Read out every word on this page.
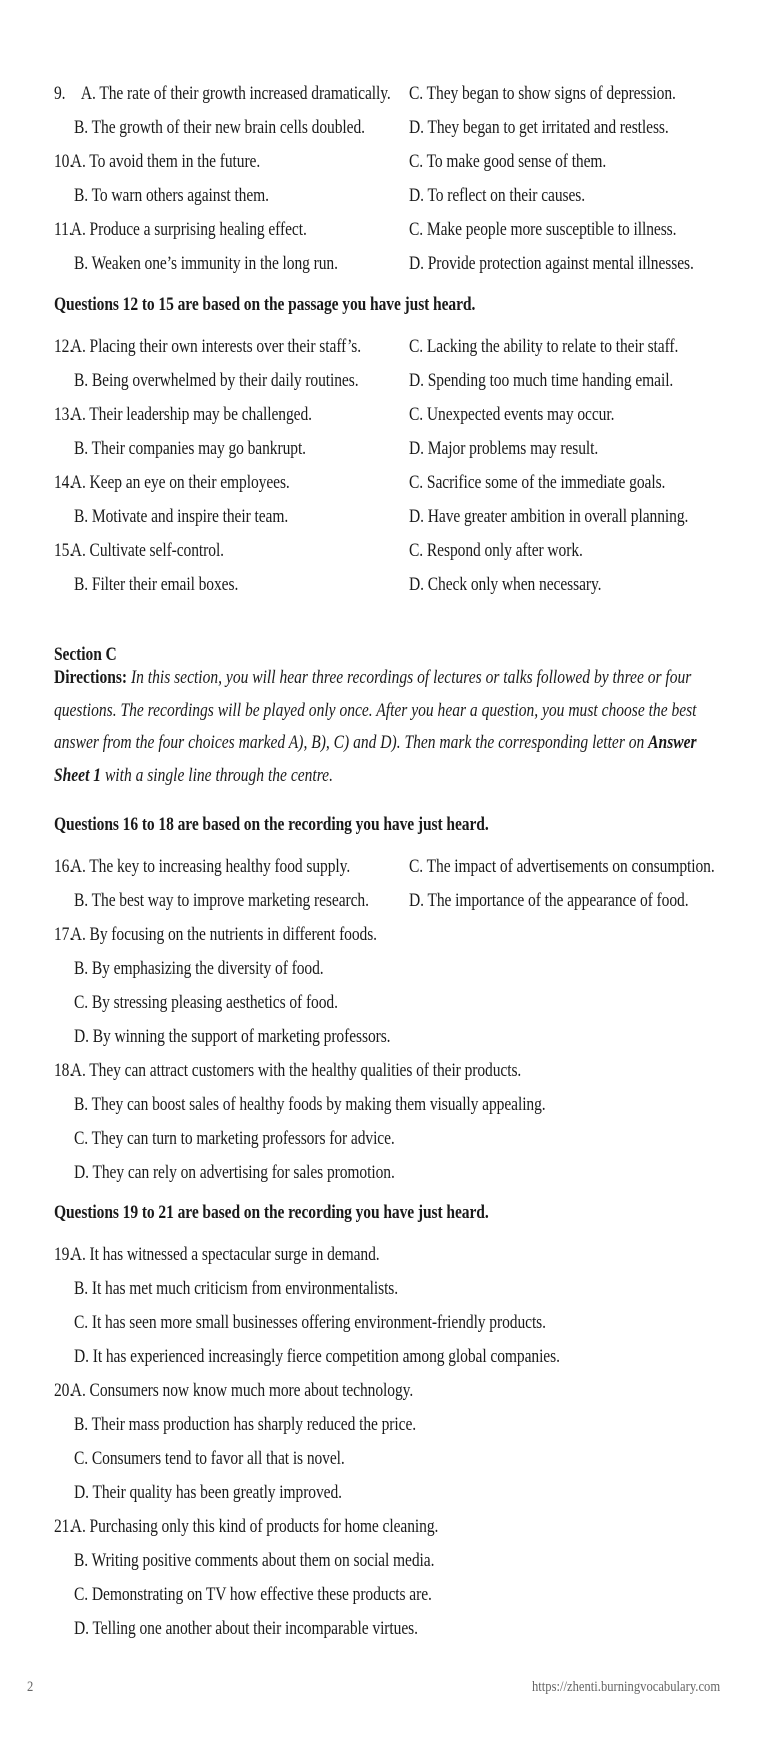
9. A. The rate of their growth increased dramatically. C. They began to show signs of depression.
B. The growth of their new brain cells doubled. D. They began to get irritated and restless.
10.A. To avoid them in the future.	C. To make good sense of them.
B. To warn others against them.	D. To reflect on their causes.
11.A. Produce a surprising healing effect.	C. Make people more susceptible to illness.
B. Weaken one’s immunity in the long run.	D. Provide protection against mental illnesses.
Questions 12 to 15 are based on the passage you have just heard.
12.A. Placing their own interests over their staff’s.	C. Lacking the ability to relate to their staff.
B. Being overwhelmed by their daily routines.	D. Spending too much time handing email.
13.A. Their leadership may be challenged.	C. Unexpected events may occur.
B. Their companies may go bankrupt.	D. Major problems may result.
14.A. Keep an eye on their employees.	C. Sacrifice some of the immediate goals.
B. Motivate and inspire their team.	D. Have greater ambition in overall planning.
15.A. Cultivate self-control.	C. Respond only after work.
B. Filter their email boxes.	D. Check only when necessary.
Section C
Directions: In this section, you will hear three recordings of lectures or talks followed by three or four questions. The recordings will be played only once. After you hear a question, you must choose the best answer from the four choices marked A), B), C) and D). Then mark the corresponding letter on Answer Sheet 1 with a single line through the centre.
Questions 16 to 18 are based on the recording you have just heard.
16.A. The key to increasing healthy food supply.	C. The impact of advertisements on consumption.
B. The best way to improve marketing research. D. The importance of the appearance of food.
17.A. By focusing on the nutrients in different foods.
B. By emphasizing the diversity of food.
C. By stressing pleasing aesthetics of food.
D. By winning the support of marketing professors.
18.A. They can attract customers with the healthy qualities of their products.
B. They can boost sales of healthy foods by making them visually appealing.
C. They can turn to marketing professors for advice.
D. They can rely on advertising for sales promotion.
Questions 19 to 21 are based on the recording you have just heard.
19.A. It has witnessed a spectacular surge in demand.
B. It has met much criticism from environmentalists.
C. It has seen more small businesses offering environment-friendly products.
D. It has experienced increasingly fierce competition among global companies.
20.A. Consumers now know much more about technology.
B. Their mass production has sharply reduced the price.
C. Consumers tend to favor all that is novel.
D. Their quality has been greatly improved.
21.A. Purchasing only this kind of products for home cleaning.
B. Writing positive comments about them on social media.
C. Demonstrating on TV how effective these products are.
D. Telling one another about their incomparable virtues.
2	https://zhenti.burningvocabulary.com
